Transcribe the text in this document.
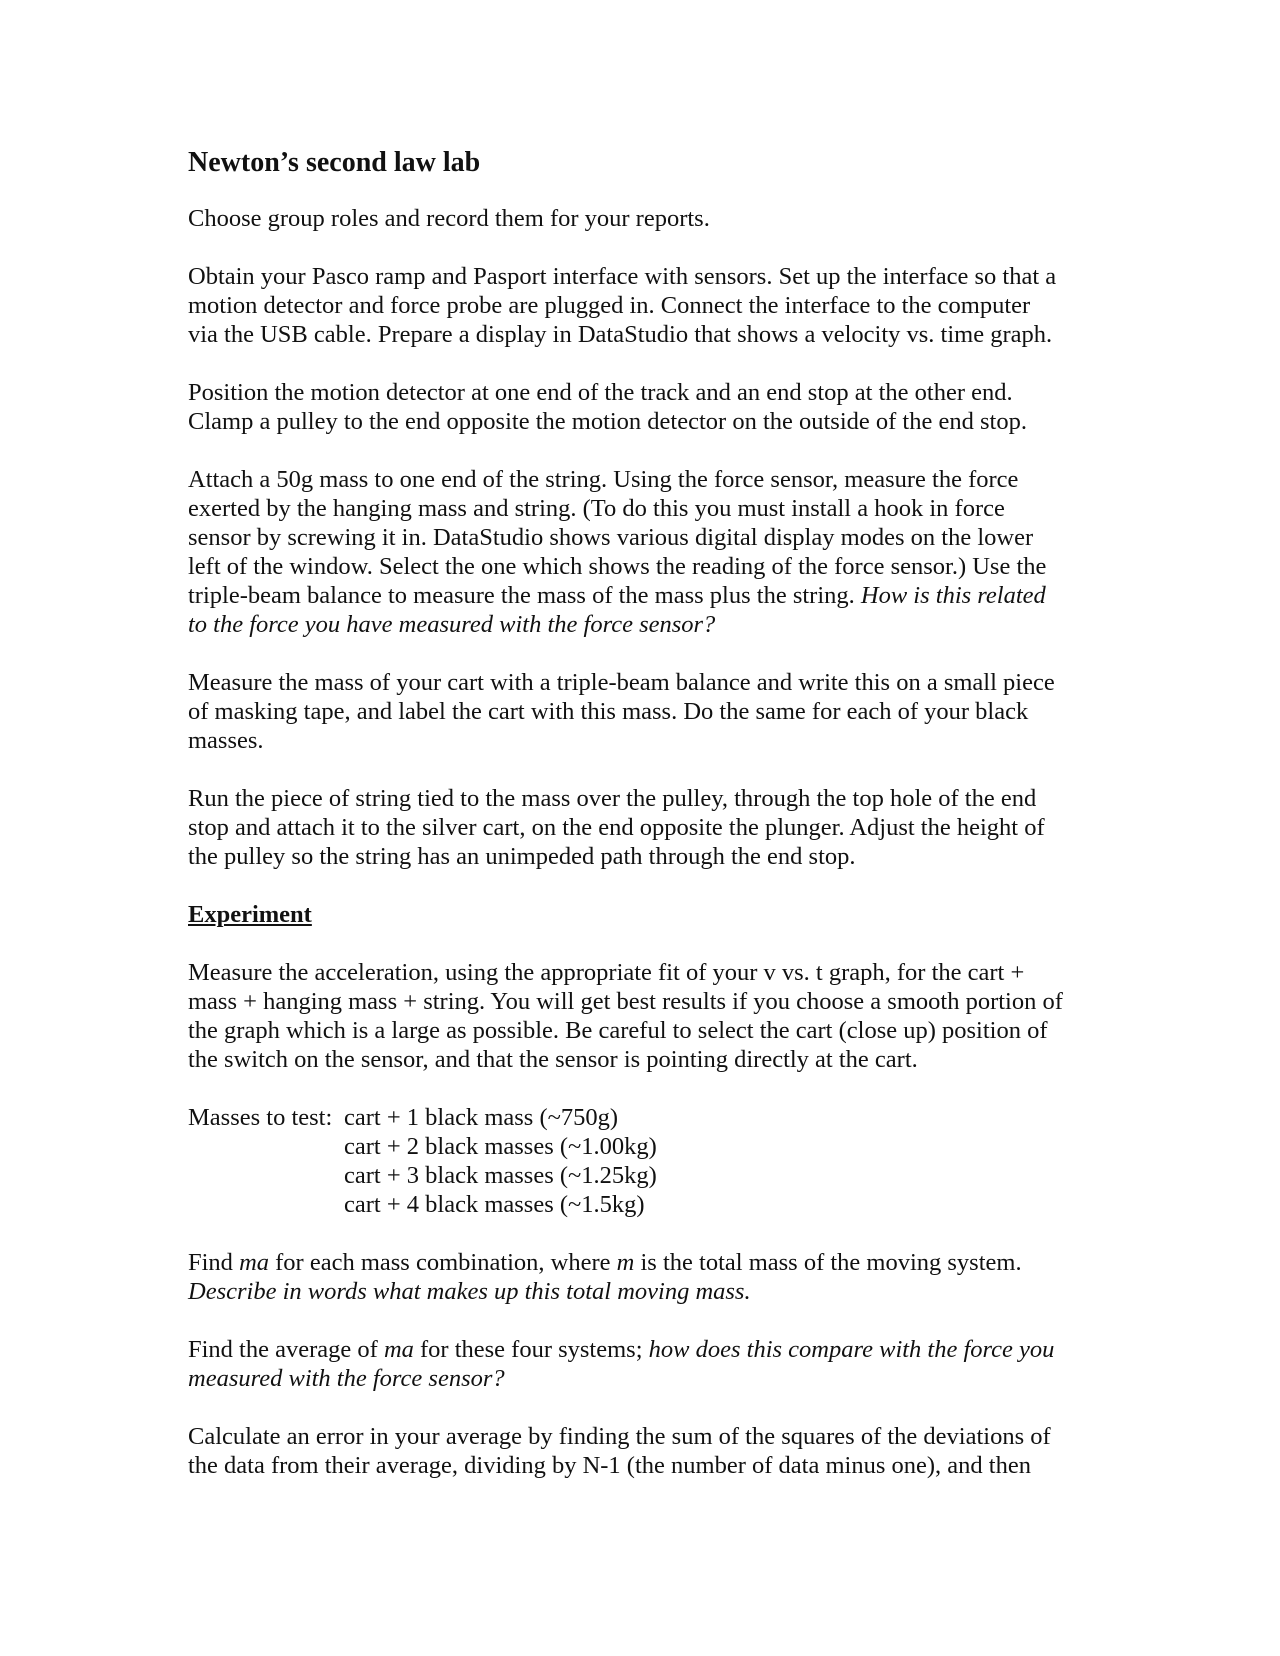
Newton’s second law lab

Choose group roles and record them for your reports.

Obtain your Pasco ramp and Pasport interface with sensors. Set up the interface so that a
motion detector and force probe are plugged in. Connect the interface to the computer
via the USB cable. Prepare a display in DataStudio that shows a velocity vs. time graph.

Position the motion detector at one end of the track and an end stop at the other end.
Clamp a pulley to the end opposite the motion detector on the outside of the end stop.

Attach a 50g mass to one end of the string. Using the force sensor, measure the force
exerted by the hanging mass and string. (To do this you must install a hook in force
sensor by screwing it in. DataStudio shows various digital display modes on the lower
left of the window. Select the one which shows the reading of the force sensor.) Use the
triple-beam balance to measure the mass of the mass plus the string. How is this related
to the force you have measured with the force sensor?

Measure the mass of your cart with a triple-beam balance and write this on a small piece
of masking tape, and label the cart with this mass. Do the same for each of your black
masses.

Run the piece of string tied to the mass over the pulley, through the top hole of the end
stop and attach it to the silver cart, on the end opposite the plunger. Adjust the height of
the pulley so the string has an unimpeded path through the end stop.

Experiment

Measure the acceleration, using the appropriate fit of your v vs. t graph, for the cart +
mass + hanging mass + string. You will get best results if you choose a smooth portion of
the graph which is a large as possible. Be careful to select the cart (close up) position of
the switch on the sensor, and that the sensor is pointing directly at the cart.

Masses to test: cart + 1 black mass (~750g)
cart + 2 black masses (~1.00kg)
cart + 3 black masses (~1.25kg)
cart + 4 black masses (~1.5kg)

Find ma for each mass combination, where m is the total mass of the moving system.
Describe in words what makes up this total moving mass.

Find the average of ma for these four systems; how does this compare with the force you
measured with the force sensor?

Calculate an error in your average by finding the sum of the squares of the deviations of
the data from their average, dividing by N-1 (the number of data minus one), and then
